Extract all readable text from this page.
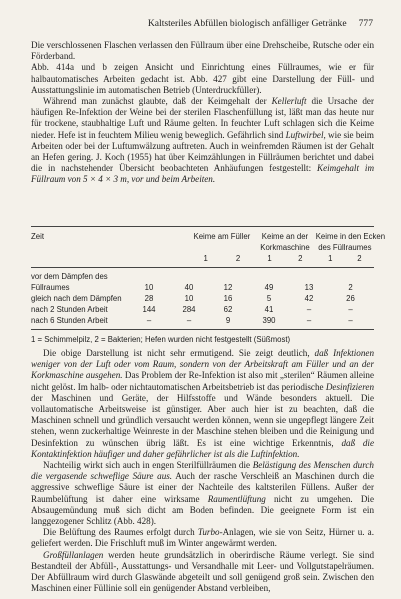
Kaltsteriles Abfüllen biologisch anfälliger Getränke 777

Die verschlossenen Flaschen verlassen den Füllraum über eine Drehscheibe, Rutsche oder ein Förderband.

Abb. 414a und b zeigen Ansicht und Einrichtung eines Füllraumes, wie er für halbautomatisches Arbeiten gedacht ist. Abb. 427 gibt eine Darstellung der Füll- und Ausstattungslinie im automatischen Betrieb (Unterdruckfüller).

Während man zunächst glaubte, daß der Keimgehalt der Kellerluft die Ursache der häufigen Re-Infektion der Weine bei der sterilen Flaschenfüllung ist, läßt man das heute nur für trockene, staubhaltige Luft und Räume gelten. In feuchter Luft schlagen sich die Keime nieder. Hefe ist in feuchtem Milieu wenig beweglich. Gefährlich sind Luftwirbel, wie sie beim Arbeiten oder bei der Luftumwälzung auftreten. Auch in weinfremden Räumen ist der Gehalt an Hefen gering. J. Koch (1955) hat über Keimzählungen in Füllräumen berichtet und dabei die in nachstehender Übersicht beobachteten Anhäufungen festgestellt: Keimgehalt im Füllraum von 5 × 4 × 3 m, vor und beim Arbeiten.

Zeit	Keime am Füller		Keime an der
Korkmaschine		Keime in den Ecken
des Füllraumes	
	1	2	1	2	1	2
vor dem Dämpfen des						
Füllraumes	10	40	12	49	13	2
gleich nach dem Dämpfen	28	10	16	5	42	26
nach 2 Stunden Arbeit	144	284	62	41	–	–
nach 6 Stunden Arbeit	–	–	9	390	–	–
1 = Schimmelpilz, 2 = Bakterien; Hefen wurden nicht festgestellt (Süßmost)

Die obige Darstellung ist nicht sehr ermutigend. Sie zeigt deutlich, daß Infektionen weniger von der Luft oder vom Raum, sondern von der Arbeitskraft am Füller und an der Korkmaschine ausgehen. Das Problem der Re-Infektion ist also mit „sterilen“ Räumen alleine nicht gelöst. Im halb- oder nichtautomatischen Arbeitsbetrieb ist das periodische Desinfizieren der Maschinen und Geräte, der Hilfsstoffe und Wände besonders aktuell. Die vollautomatische Arbeitsweise ist günstiger. Aber auch hier ist zu beachten, daß die Maschinen schnell und gründlich versaucht werden können, wenn sie ungepflegt längere Zeit stehen, wenn zuckerhaltige Weinreste in der Maschine stehen bleiben und die Reinigung und Desinfektion zu wünschen übrig läßt. Es ist eine wichtige Erkenntnis, daß die Kontaktinfektion häufiger und daher gefährlicher ist als die Luftinfektion.

Nachteilig wirkt sich auch in engen Sterilfüllräumen die Belästigung des Menschen durch die vergasende schweflige Säure aus. Auch der rasche Verschleiß an Maschinen durch die aggressive schweflige Säure ist einer der Nachteile des kaltsterilen Füllens. Außer der Raumbelüftung ist daher eine wirksame Raumentlüftung nicht zu umgehen. Die Absaugemündung muß sich dicht am Boden befinden. Die geeignete Form ist ein langgezogener Schlitz (Abb. 428).

Die Belüftung des Raumes erfolgt durch Turbo-Anlagen, wie sie von Seitz, Hürner u. a. geliefert werden. Die Frischluft muß im Winter angewärmt werden.

Großfüllanlagen werden heute grundsätzlich in oberirdische Räume verlegt. Sie sind Bestandteil der Abfüll-, Ausstattungs- und Versandhalle mit Leer- und Vollgutstapelräumen. Der Abfüllraum wird durch Glaswände abgeteilt und soll genügend groß sein. Zwischen den Maschinen einer Füllinie soll ein genügender Abstand verbleiben,
